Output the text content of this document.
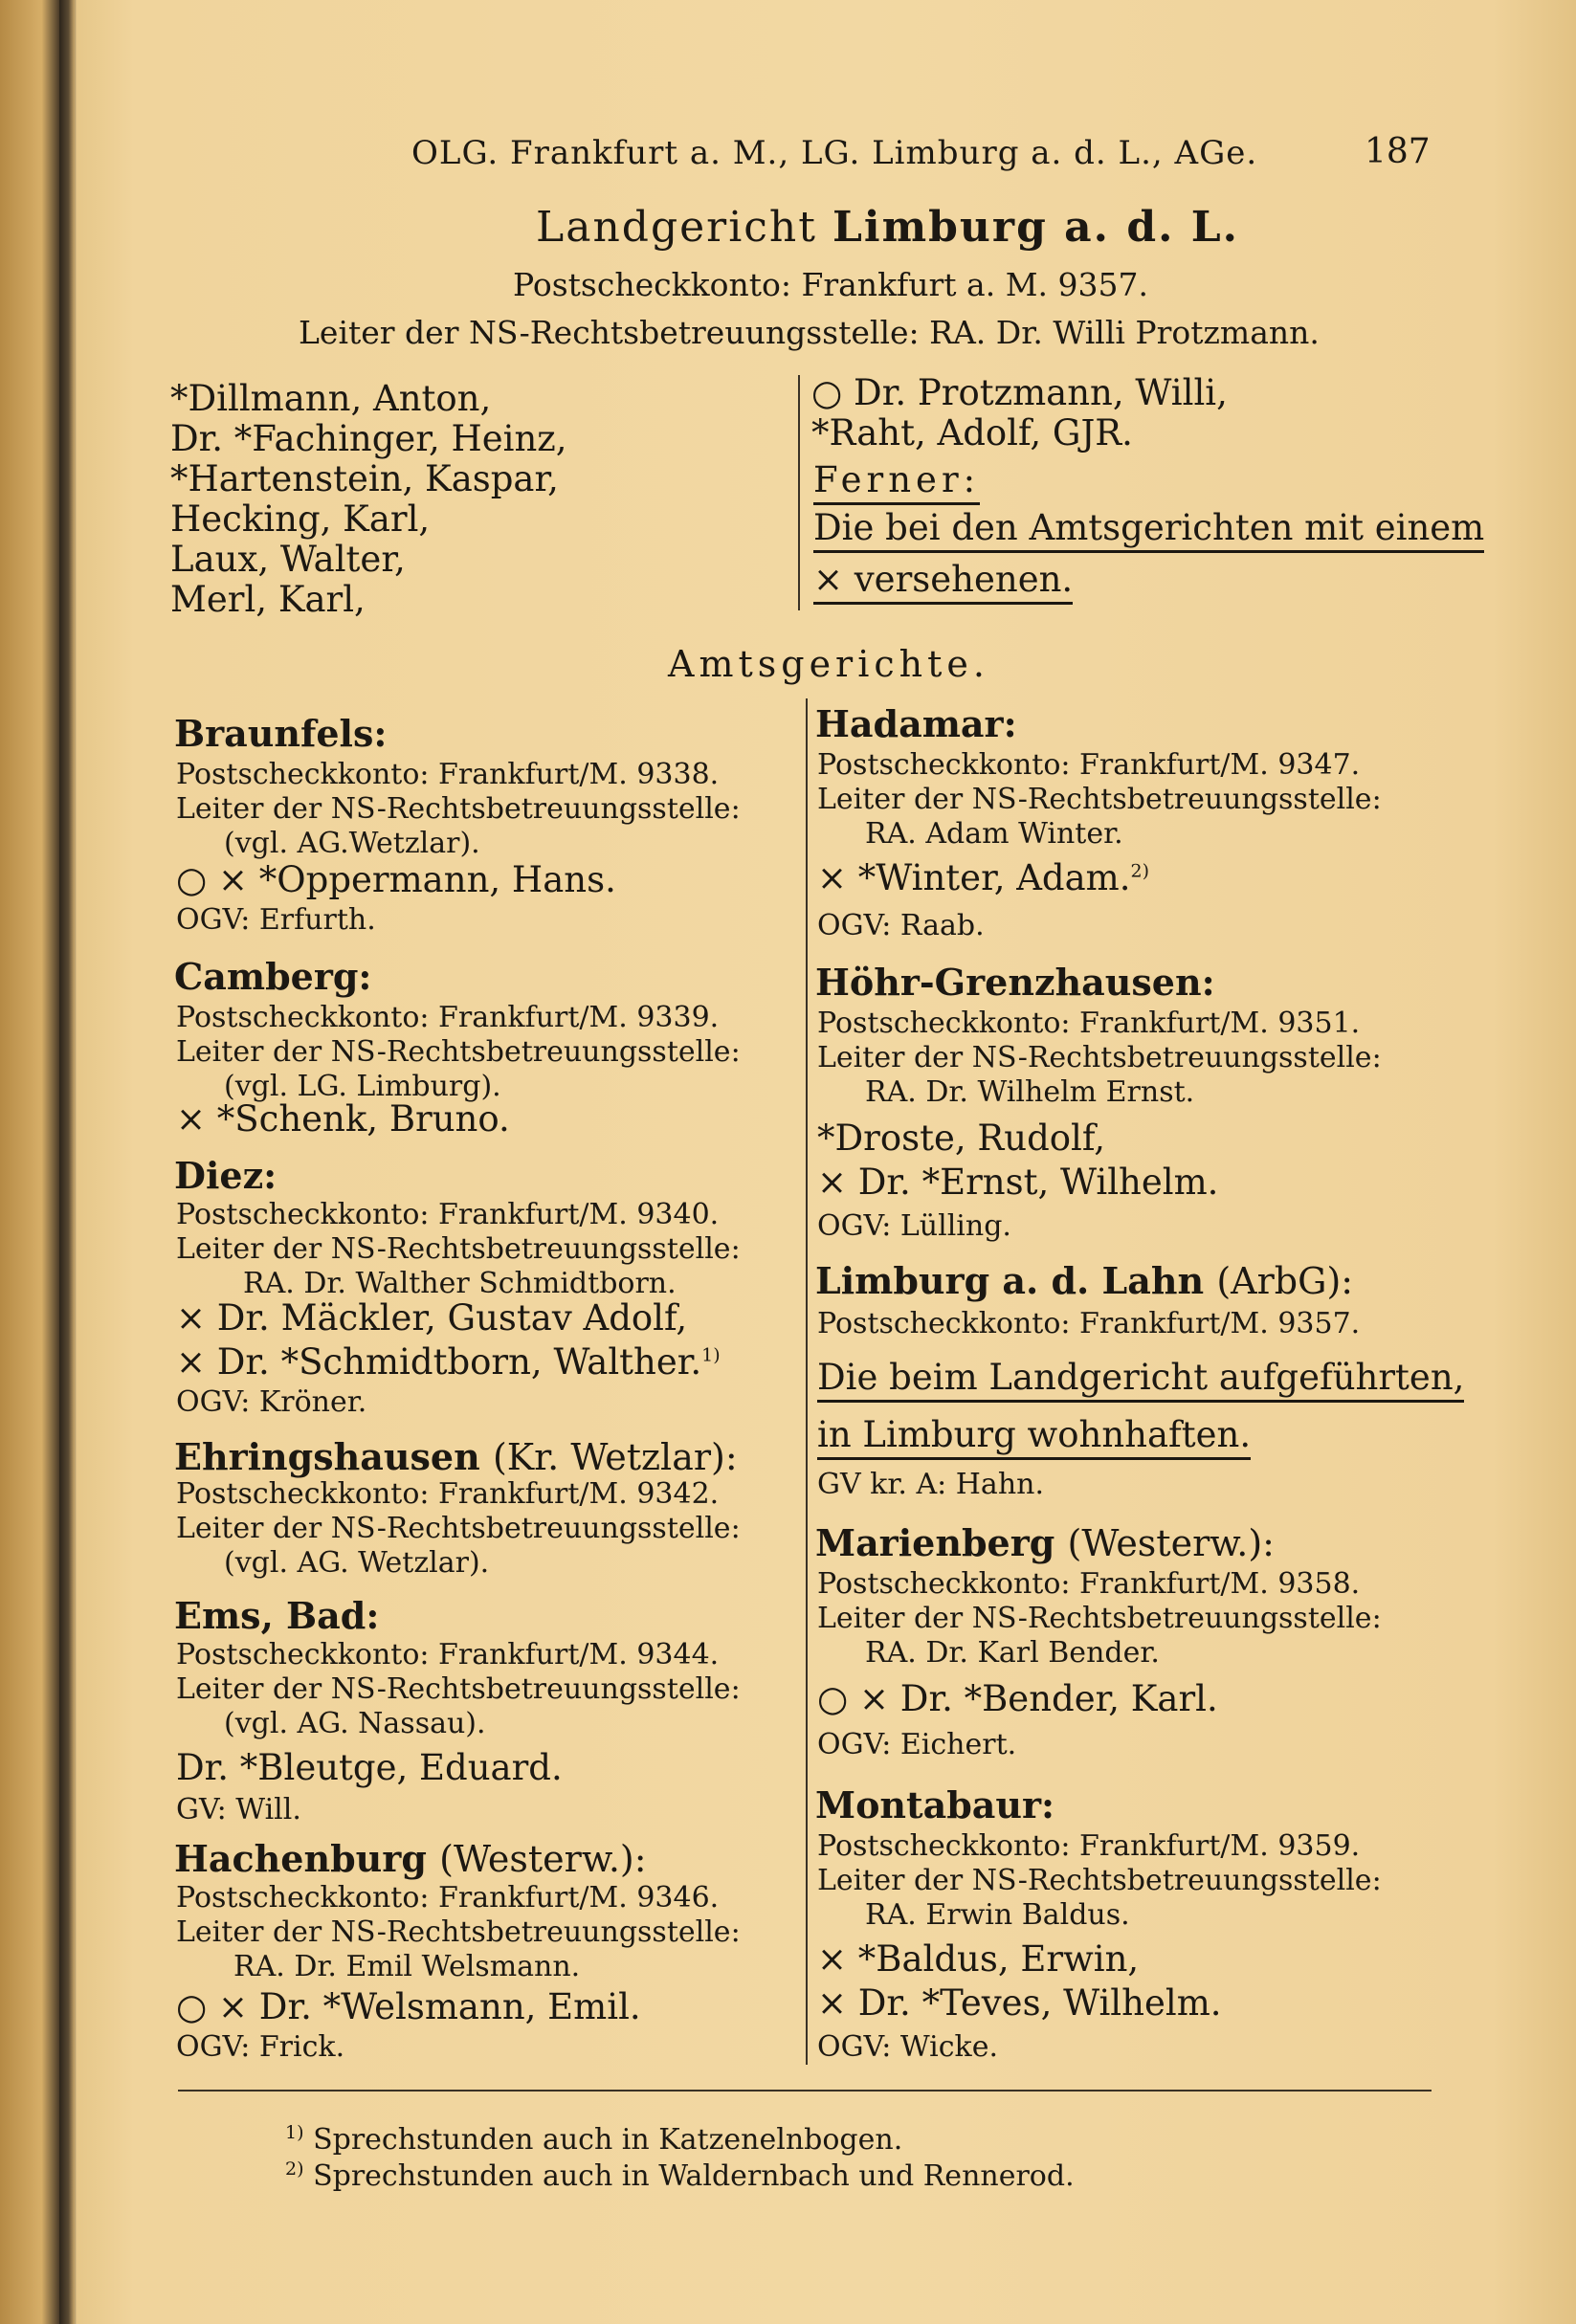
OLG. Frankfurt a. M., LG. Limburg a. d. L., AGe.	187
Landgericht Limburg a. d. L.
Postscheckkonto: Frankfurt a. M. 9357.
Leiter der NS-Rechtsbetreuungsstelle: RA. Dr. Willi Protzmann.
*Dillmann, Anton,
Dr. *Fachinger, Heinz,
*Hartenstein, Kaspar,
Hecking, Karl,
Laux, Walter,
Merl, Karl,
○ Dr. Protzmann, Willi,
*Raht, Adolf, GJR.
Ferner:
Die bei den Amtsgerichten mit einem
× versehenen.
Amtsgerichte.
Braunfels:
Postscheckkonto: Frankfurt/M. 9338.
Leiter der NS-Rechtsbetreuungsstelle:
(vgl. AG.Wetzlar).
○ × *Oppermann, Hans.
OGV: Erfurth.
Camberg:
Postscheckkonto: Frankfurt/M. 9339.
Leiter der NS-Rechtsbetreuungsstelle:
(vgl. LG. Limburg).
× *Schenk, Bruno.
Diez:
Postscheckkonto: Frankfurt/M. 9340.
Leiter der NS-Rechtsbetreuungsstelle:
RA. Dr. Walther Schmidtborn.
× Dr. Mäckler, Gustav Adolf,
× Dr. *Schmidtborn, Walther.$^{1)}$
OGV: Kröner.
Ehringshausen (Kr. Wetzlar):
Postscheckkonto: Frankfurt/M. 9342.
Leiter der NS-Rechtsbetreuungsstelle:
(vgl. AG. Wetzlar).
Ems, Bad:
Postscheckkonto: Frankfurt/M. 9344.
Leiter der NS-Rechtsbetreuungsstelle:
(vgl. AG. Nassau).
Dr. *Bleutge, Eduard.
GV: Will.
Hachenburg (Westerw.):
Postscheckkonto: Frankfurt/M. 9346.
Leiter der NS-Rechtsbetreuungsstelle:
RA. Dr. Emil Welsmann.
○ × Dr. *Welsmann, Emil.
OGV: Frick.
Hadamar:
Postscheckkonto: Frankfurt/M. 9347.
Leiter der NS-Rechtsbetreuungsstelle:
RA. Adam Winter.
× *Winter, Adam.$^{2)}$
OGV: Raab.
Höhr-Grenzhausen:
Postscheckkonto: Frankfurt/M. 9351.
Leiter der NS-Rechtsbetreuungsstelle:
RA. Dr. Wilhelm Ernst.
*Droste, Rudolf,
× Dr. *Ernst, Wilhelm.
OGV: Lülling.
Limburg a. d. Lahn (ArbG):
Postscheckkonto: Frankfurt/M. 9357.
Die beim Landgericht aufgeführten,
in Limburg wohnhaften.
GV kr. A: Hahn.
Marienberg (Westerw.):
Postscheckkonto: Frankfurt/M. 9358.
Leiter der NS-Rechtsbetreuungsstelle:
RA. Dr. Karl Bender.
○ × Dr. *Bender, Karl.
OGV: Eichert.
Montabaur:
Postscheckkonto: Frankfurt/M. 9359.
Leiter der NS-Rechtsbetreuungsstelle:
RA. Erwin Baldus.
× *Baldus, Erwin,
× Dr. *Teves, Wilhelm.
OGV: Wicke.
$^{1)}$ Sprechstunden auch in Katzenelnbogen.
$^{2)}$ Sprechstunden auch in Waldernbach und Rennerod.
